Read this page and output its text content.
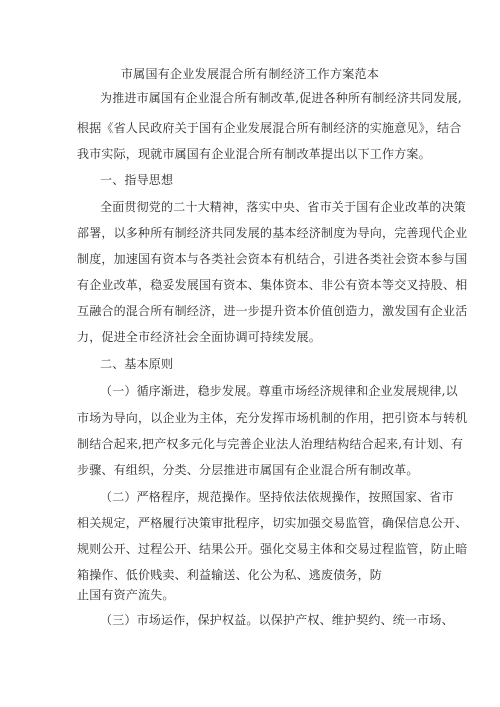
市属国有企业发展混合所有制经济工作方案范本
为推进市属国有企业混合所有制改革,促进各种所有制经济共同发展,
根据《省人民政府关于国有企业发展混合所有制经济的实施意见》，结合
我市实际，现就市属国有企业混合所有制改革提出以下工作方案。
一、指导思想
全面贯彻党的二十大精神，落实中央、省市关于国有企业改革的决策
部署，以多种所有制经济共同发展的基本经济制度为导向，完善现代企业
制度，加速国有资本与各类社会资本有机结合，引进各类社会资本参与国
有企业改革，稳妥发展国有资本、集体资本、非公有资本等交叉持股、相
互融合的混合所有制经济，进一步提升资本价值创造力，激发国有企业活
力，促进全市经济社会全面协调可持续发展。
二、基本原则
（一）循序渐进，稳步发展。尊重市场经济规律和企业发展规律,以
市场为导向，以企业为主体，充分发挥市场机制的作用，把引资本与转机
制结合起来,把产权多元化与完善企业法人治理结构结合起来,有计划、有
步骤、有组织，分类、分层推进市属国有企业混合所有制改革。
（二）严格程序，规范操作。坚持依法依规操作，按照国家、省市
相关规定，严格履行决策审批程序，切实加强交易监管，确保信息公开、
规则公开、过程公开、结果公开。强化交易主体和交易过程监管，防止暗
箱操作、低价贱卖、利益输送、化公为私、逃废债务，防
止国有资产流失。
（三）市场运作，保护权益。以保护产权、维护契约、统一市场、
